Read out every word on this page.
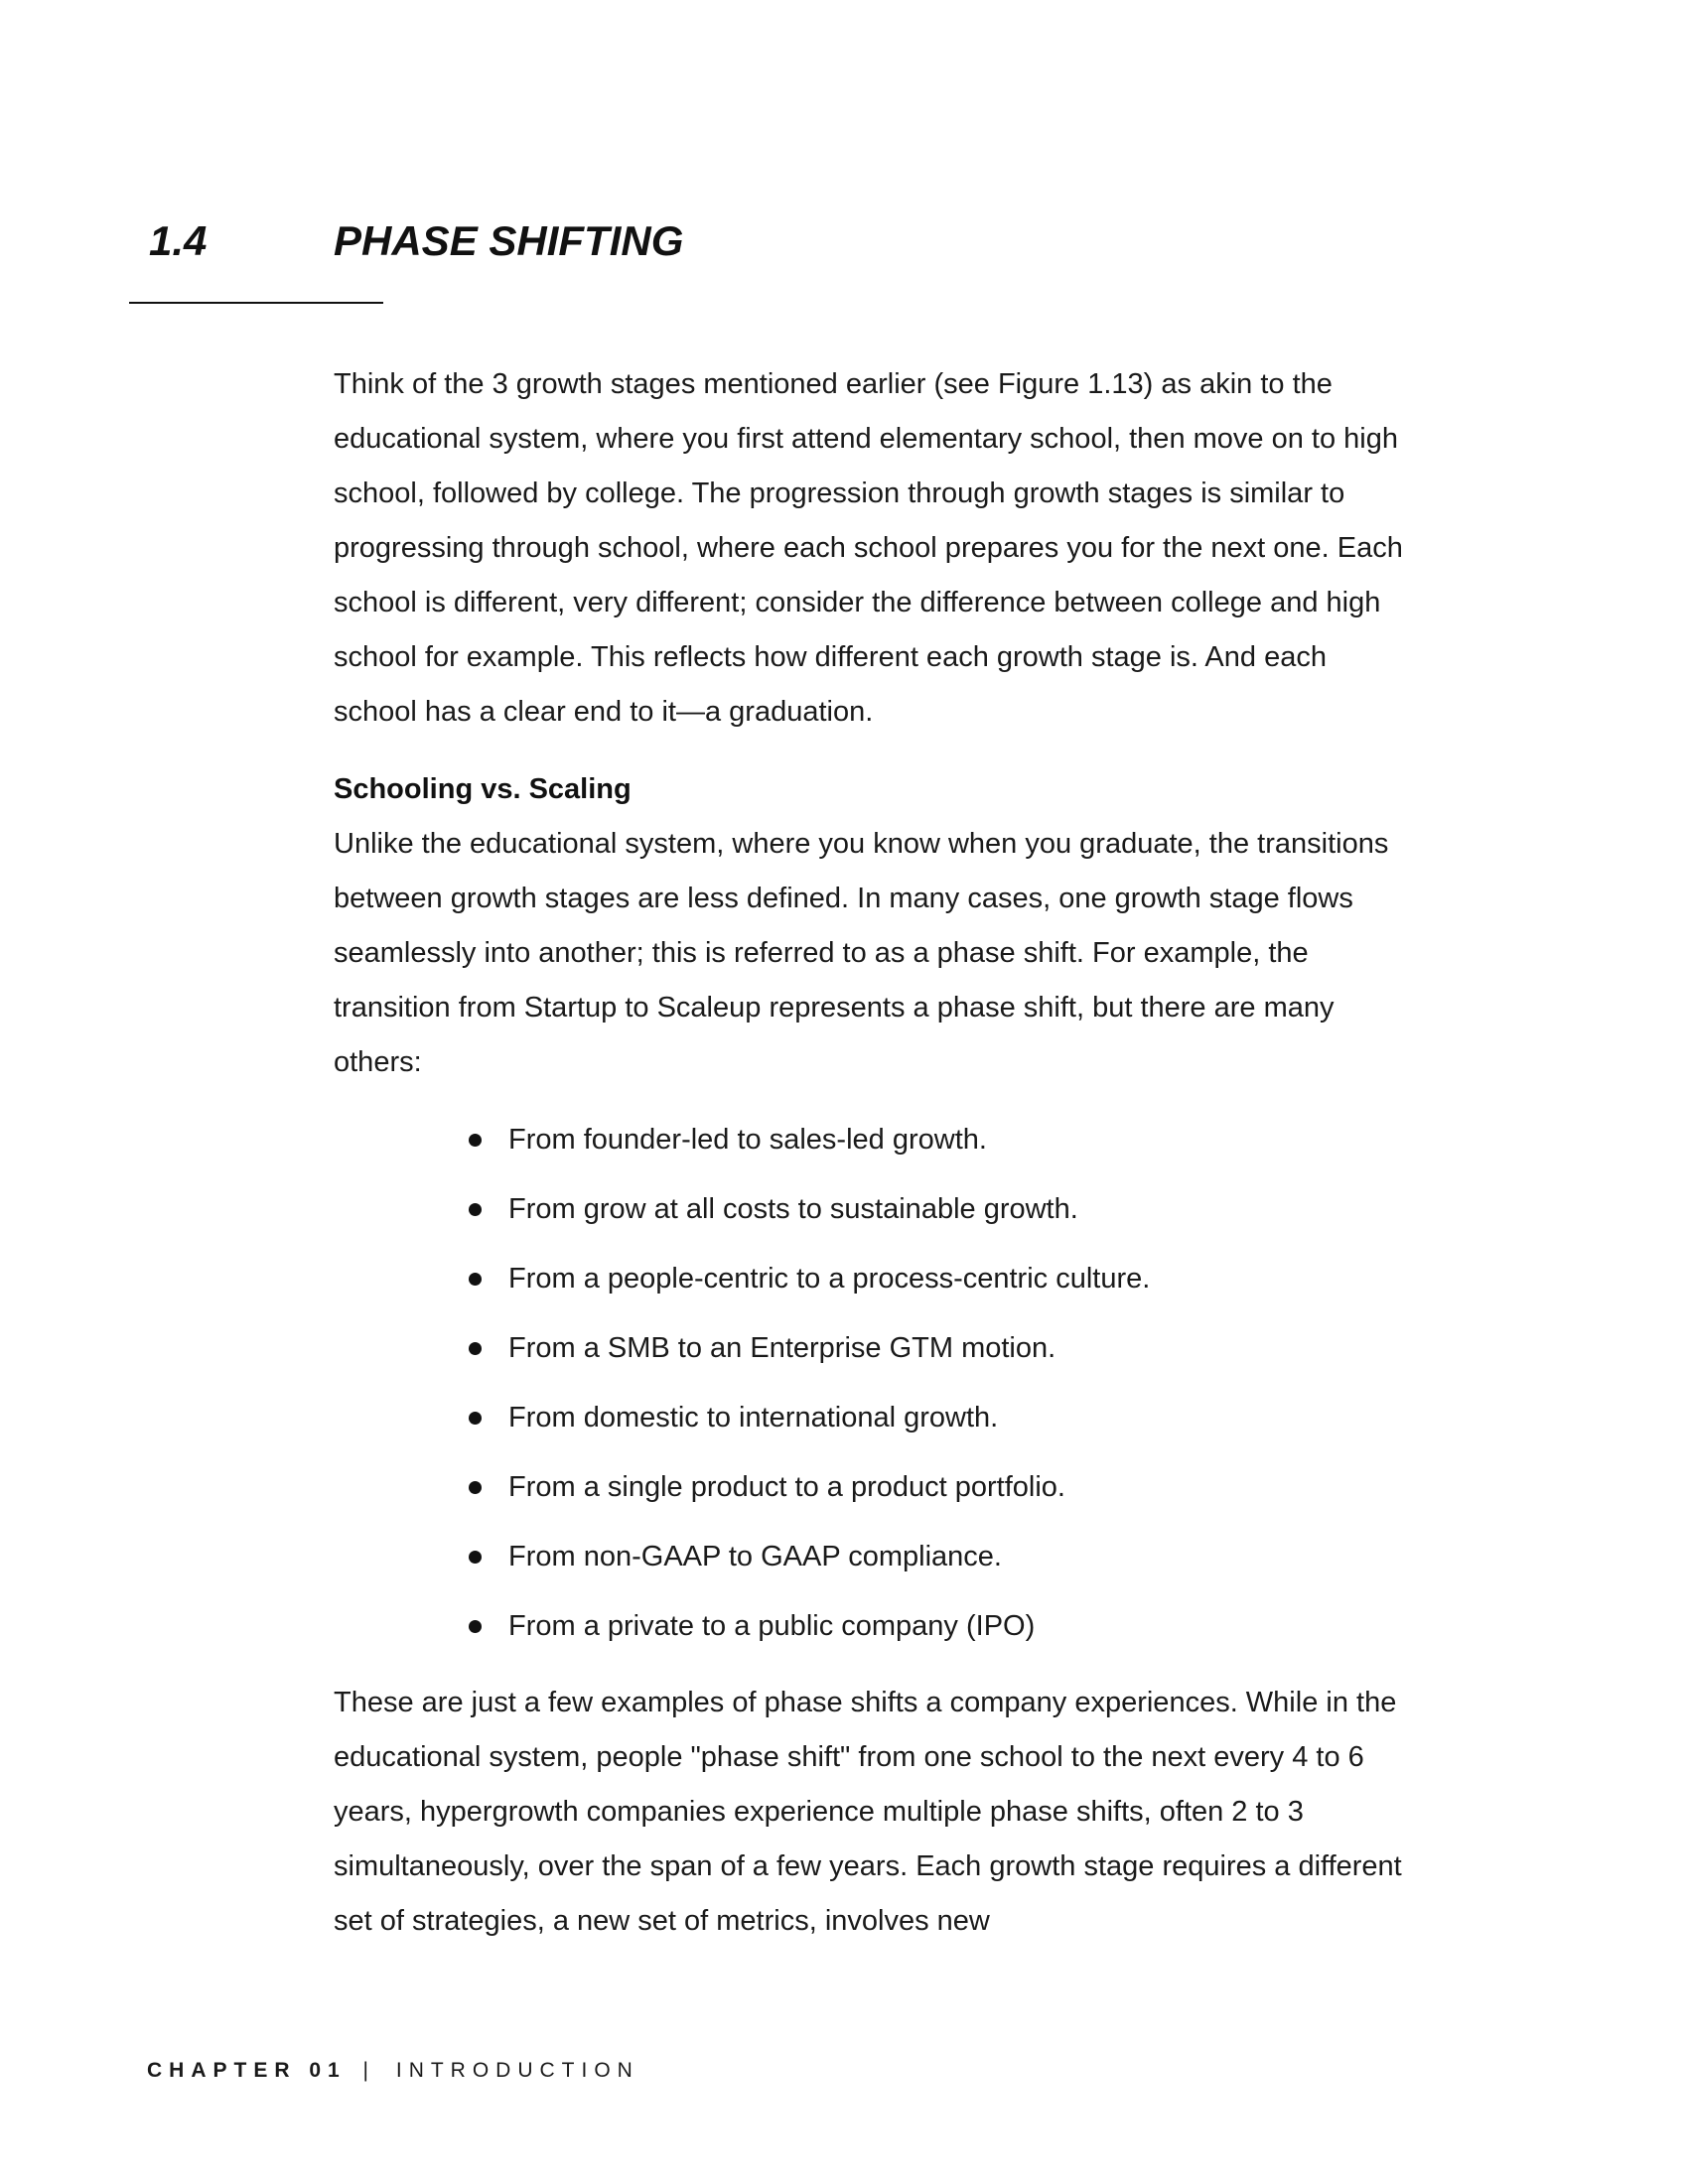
1.4	PHASE SHIFTING

Think of the 3 growth stages mentioned earlier (see Figure 1.13) as akin to the educational system, where you first attend elementary school, then move on to high school, followed by college. The progression through growth stages is similar to progressing through school, where each school prepares you for the next one. Each school is different, very different; consider the difference between college and high school for example. This reflects how different each growth stage is. And each school has a clear end to it—a graduation.

Schooling vs. Scaling

Unlike the educational system, where you know when you graduate, the transitions between growth stages are less defined. In many cases, one growth stage flows seamlessly into another; this is referred to as a phase shift. For example, the transition from Startup to Scaleup represents a phase shift, but there are many others:

From founder-led to sales-led growth.
From grow at all costs to sustainable growth.
From a people-centric to a process-centric culture.
From a SMB to an Enterprise GTM motion.
From domestic to international growth.
From a single product to a product portfolio.
From non-GAAP to GAAP compliance.
From a private to a public company (IPO)

These are just a few examples of phase shifts a company experiences. While in the educational system, people "phase shift" from one school to the next every 4 to 6 years, hypergrowth companies experience multiple phase shifts, often 2 to 3 simultaneously, over the span of a few years. Each growth stage requires a different set of strategies, a new set of metrics, involves new

CHAPTER 01 | INTRODUCTION
